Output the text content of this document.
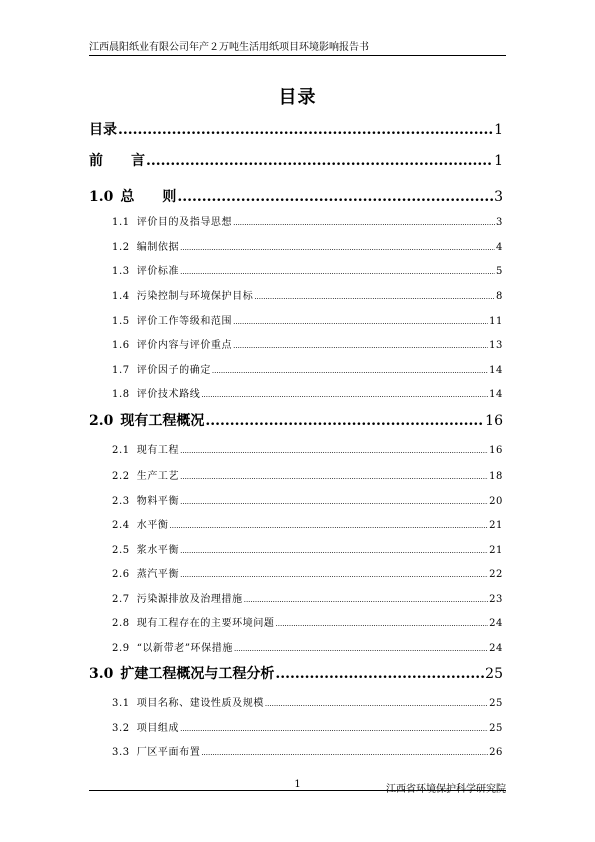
江西晨阳纸业有限公司年产２万吨生活用纸项目环境影响报告书
目录
目录 .....	1
前　　言 .....	1
1.0 总　　则 .....	3
1.1 评价目的及指导思想 .....	3
1.2 编制依据 .....	4
1.3 评价标准 .....	5
1.4 污染控制与环境保护目标 .....	8
1.5 评价工作等级和范围 .....	11
1.6 评价内容与评价重点 .....	13
1.7 评价因子的确定 .....	14
1.8 评价技术路线 .....	14
2.0 现有工程概况 .....	16
2.1 现有工程 .....	16
2.2 生产工艺 .....	18
2.3 物料平衡 .....	20
2.4 水平衡 .....	21
2.5 浆水平衡 .....	21
2.6 蒸汽平衡 .....	22
2.7 污染源排放及治理措施 .....	23
2.8 现有工程存在的主要环境问题 .....	24
2.9 “以新带老”环保措施 .....	24
3.0 扩建工程概况与工程分析 .....	25
3.1 项目名称、建设性质及规模 .....	25
3.2 项目组成 .....	25
3.3 厂区平面布置 .....	26
1	江西省环境保护科学研究院
